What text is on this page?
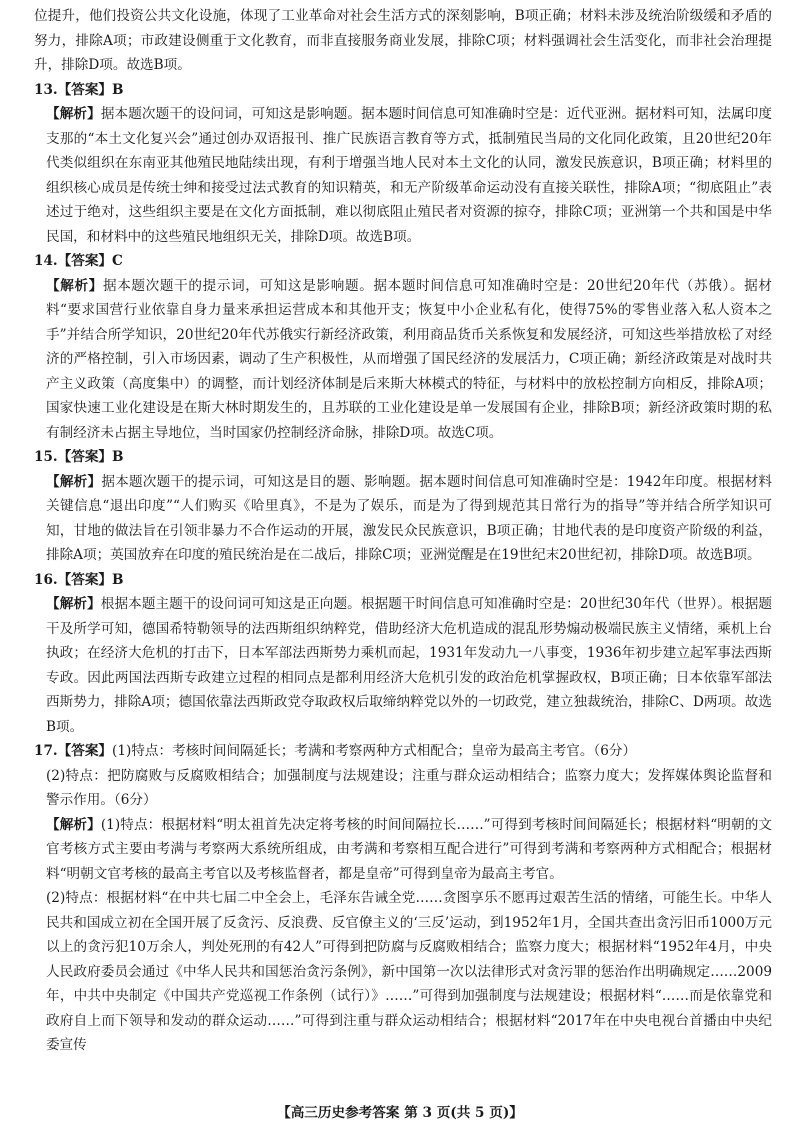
位提升，他们投资公共文化设施，体现了工业革命对社会生活方式的深刻影响，B项正确；材料未涉及统治阶级缓和矛盾的努力，排除A项；市政建设侧重于文化教育，而非直接服务商业发展，排除C项；材料强调社会生活变化，而非社会治理提升，排除D项。故选B项。

13.【答案】B

【解析】据本题次题干的设问词，可知这是影响题。据本题时间信息可知准确时空是：近代亚洲。据材料可知，法属印度支那的“本土文化复兴会”通过创办双语报刊、推广民族语言教育等方式，抵制殖民当局的文化同化政策，且20世纪20年代类似组织在东南亚其他殖民地陆续出现，有利于增强当地人民对本土文化的认同，激发民族意识，B项正确；材料里的组织核心成员是传统士绅和接受过法式教育的知识精英，和无产阶级革命运动没有直接关联性，排除A项；“彻底阻止”表述过于绝对，这些组织主要是在文化方面抵制，难以彻底阻止殖民者对资源的掠夺，排除C项；亚洲第一个共和国是中华民国，和材料中的这些殖民地组织无关，排除D项。故选B项。

14.【答案】C

【解析】据本题次题干的提示词，可知这是影响题。据本题时间信息可知准确时空是：20世纪20年代（苏俄）。据材料“要求国营行业依靠自身力量来承担运营成本和其他开支；恢复中小企业私有化，使得75%的零售业落入私人资本之手”并结合所学知识，20世纪20年代苏俄实行新经济政策，利用商品货币关系恢复和发展经济，可知这些举措放松了对经济的严格控制，引入市场因素，调动了生产积极性，从而增强了国民经济的发展活力，C项正确；新经济政策是对战时共产主义政策（高度集中）的调整，而计划经济体制是后来斯大林模式的特征，与材料中的放松控制方向相反，排除A项；国家快速工业化建设是在斯大林时期发生的，且苏联的工业化建设是单一发展国有企业，排除B项；新经济政策时期的私有制经济未占据主导地位，当时国家仍控制经济命脉，排除D项。故选C项。

15.【答案】B

【解析】据本题次题干的提示词，可知这是目的题、影响题。据本题时间信息可知准确时空是：1942年印度。根据材料关键信息“退出印度”“人们购买《哈里真》，不是为了娱乐，而是为了得到规范其日常行为的指导”等并结合所学知识可知，甘地的做法旨在引领非暴力不合作运动的开展，激发民众民族意识，B项正确；甘地代表的是印度资产阶级的利益，排除A项；英国放弃在印度的殖民统治是在二战后，排除C项；亚洲觉醒是在19世纪末20世纪初，排除D项。故选B项。

16.【答案】B

【解析】根据本题主题干的设问词可知这是正向题。根据题干时间信息可知准确时空是：20世纪30年代（世界）。根据题干及所学可知，德国希特勒领导的法西斯组织纳粹党，借助经济大危机造成的混乱形势煽动极端民族主义情绪，乘机上台执政；在经济大危机的打击下，日本军部法西斯势力乘机而起，1931年发动九一八事变，1936年初步建立起军事法西斯专政。因此两国法西斯专政建立过程的相同点是都利用经济大危机引发的政治危机掌握政权，B项正确；日本依靠军部法西斯势力，排除A项；德国依靠法西斯政党夺取政权后取缔纳粹党以外的一切政党，建立独裁统治，排除C、D两项。故选B项。

17.【答案】(1)特点：考核时间间隔延长；考满和考察两种方式相配合；皇帝为最高主考官。（6分）

(2)特点：把防腐败与反腐败相结合；加强制度与法规建设；注重与群众运动相结合；监察力度大；发挥媒体舆论监督和警示作用。（6分）

【解析】(1)特点：根据材料“明太祖首先决定将考核的时间间隔拉长……”可得到考核时间间隔延长；根据材料“明朝的文官考核方式主要由考满与考察两大系统所组成，由考满和考察相互配合进行”可得到考满和考察两种方式相配合；根据材料“明朝文官考核的最高主考官以及考核监督者，都是皇帝”可得到皇帝为最高主考官。

(2)特点：根据材料“在中共七届二中全会上，毛泽东告诫全党……贪图享乐不愿再过艰苦生活的情绪，可能生长。中华人民共和国成立初在全国开展了反贪污、反浪费、反官僚主义的‘三反’运动，到1952年1月，全国共查出贪污旧币1000万元以上的贪污犯10万余人，判处死刑的有42人”可得到把防腐与反腐败相结合；监察力度大；根据材料“1952年4月，中央人民政府委员会通过《中华人民共和国惩治贪污条例》，新中国第一次以法律形式对贪污罪的惩治作出明确规定……2009年，中共中央制定《中国共产党巡视工作条例（试行）》……”可得到加强制度与法规建设；根据材料“……而是依靠党和政府自上而下领导和发动的群众运动……”可得到注重与群众运动相结合；根据材料“2017年在中央电视台首播由中央纪委宣传

【高三历史参考答案 第 3 页(共 5 页)】
